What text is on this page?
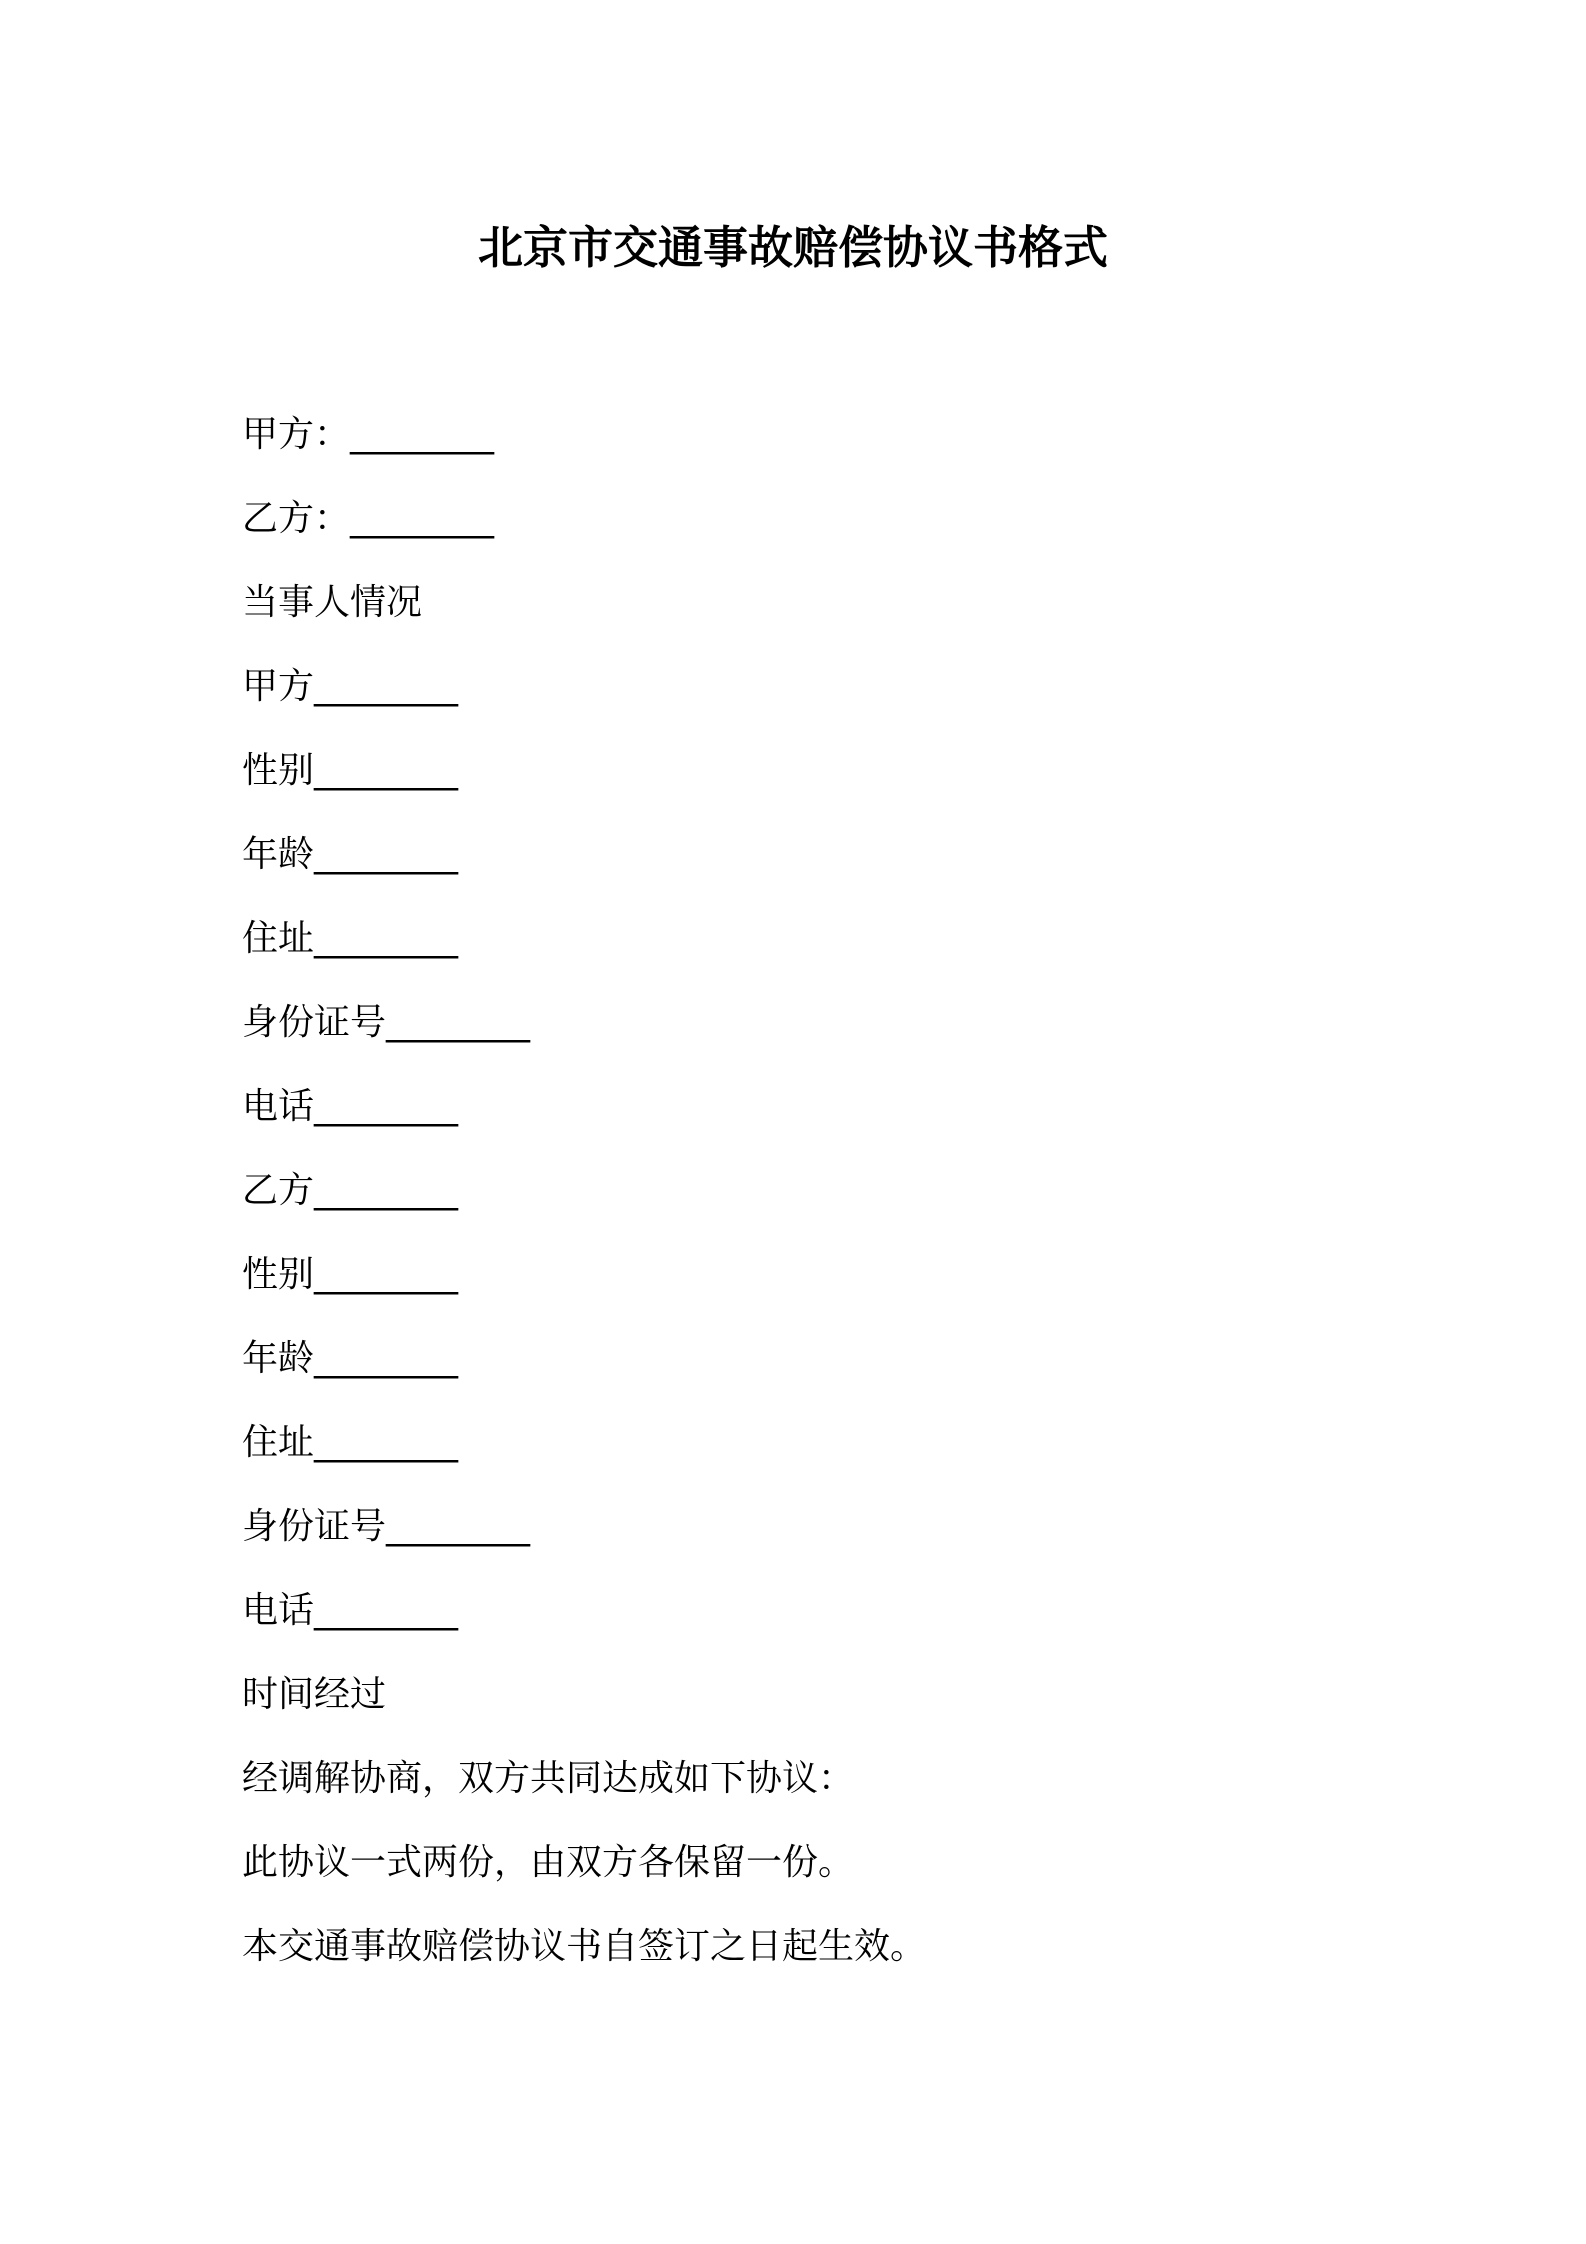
北京市交通事故赔偿协议书格式
甲方：________
乙方：________
当事人情况
甲方________
性别________
年龄________
住址________
身份证号________
电话________
乙方________
性别________
年龄________
住址________
身份证号________
电话________
时间经过
经调解协商，双方共同达成如下协议：
此协议一式两份，由双方各保留一份。
本交通事故赔偿协议书自签订之日起生效。
